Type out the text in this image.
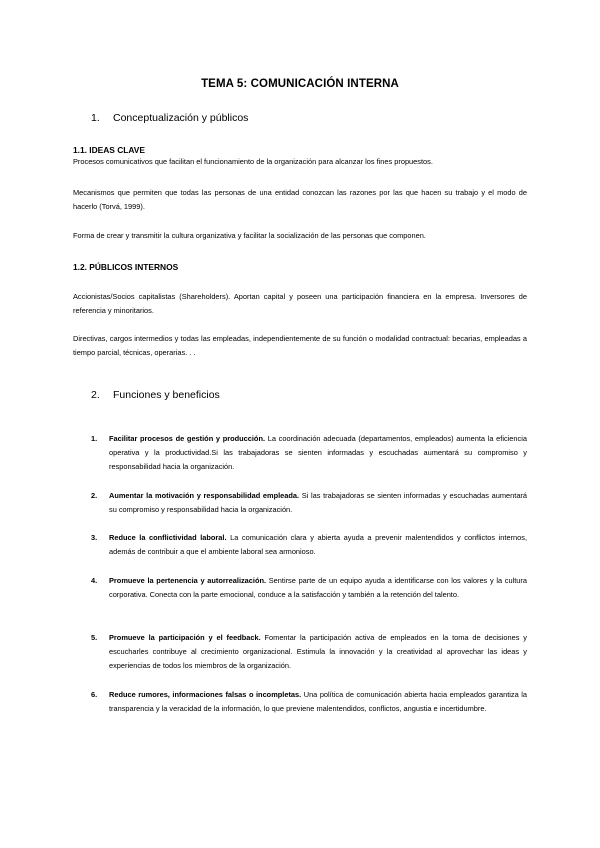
TEMA 5: COMUNICACIÓN INTERNA
1. Conceptualización y públicos
1.1. IDEAS CLAVE
Procesos comunicativos que facilitan el funcionamiento de la organización para alcanzar los fines propuestos.
Mecanismos que permiten que todas las personas de una entidad conozcan las razones por las que hacen su trabajo y el modo de hacerlo (Torvá, 1999).
Forma de crear y transmitir la cultura organizativa y facilitar la socialización de las personas que componen.
1.2. PÚBLICOS INTERNOS
Accionistas/Socios capitalistas (Shareholders). Aportan capital y poseen una participación financiera en la empresa. Inversores de referencia y minoritarios.
Directivas, cargos intermedios y todas las empleadas, independientemente de su función o modalidad contractual: becarias, empleadas a tiempo parcial, técnicas, operarias. . .
2. Funciones y beneficios
1. Facilitar procesos de gestión y producción. La coordinación adecuada (departamentos, empleados) aumenta la eficiencia operativa y la productividad.Si las trabajadoras se sienten informadas y escuchadas aumentará su compromiso y responsabilidad hacia la organización.
2. Aumentar la motivación y responsabilidad empleada. Si las trabajadoras se sienten informadas y escuchadas aumentará su compromiso y responsabilidad hacia la organización.
3. Reduce la conflictividad laboral. La comunicación clara y abierta ayuda a prevenir malentendidos y conflictos internos, además de contribuir a que el ambiente laboral sea armonioso.
4. Promueve la pertenencia y autorrealización. Sentirse parte de un equipo ayuda a identificarse con los valores y la cultura corporativa. Conecta con la parte emocional, conduce a la satisfacción y también a la retención del talento.
5. Promueve la participación y el feedback. Fomentar la participación activa de empleados en la toma de decisiones y escucharles contribuye al crecimiento organizacional. Estimula la innovación y la creatividad al aprovechar las ideas y experiencias de todos los miembros de la organización.
6. Reduce rumores, informaciones falsas o incompletas. Una política de comunicación abierta hacia empleados garantiza la transparencia y la veracidad de la información, lo que previene malentendidos, conflictos, angustia e incertidumbre.
